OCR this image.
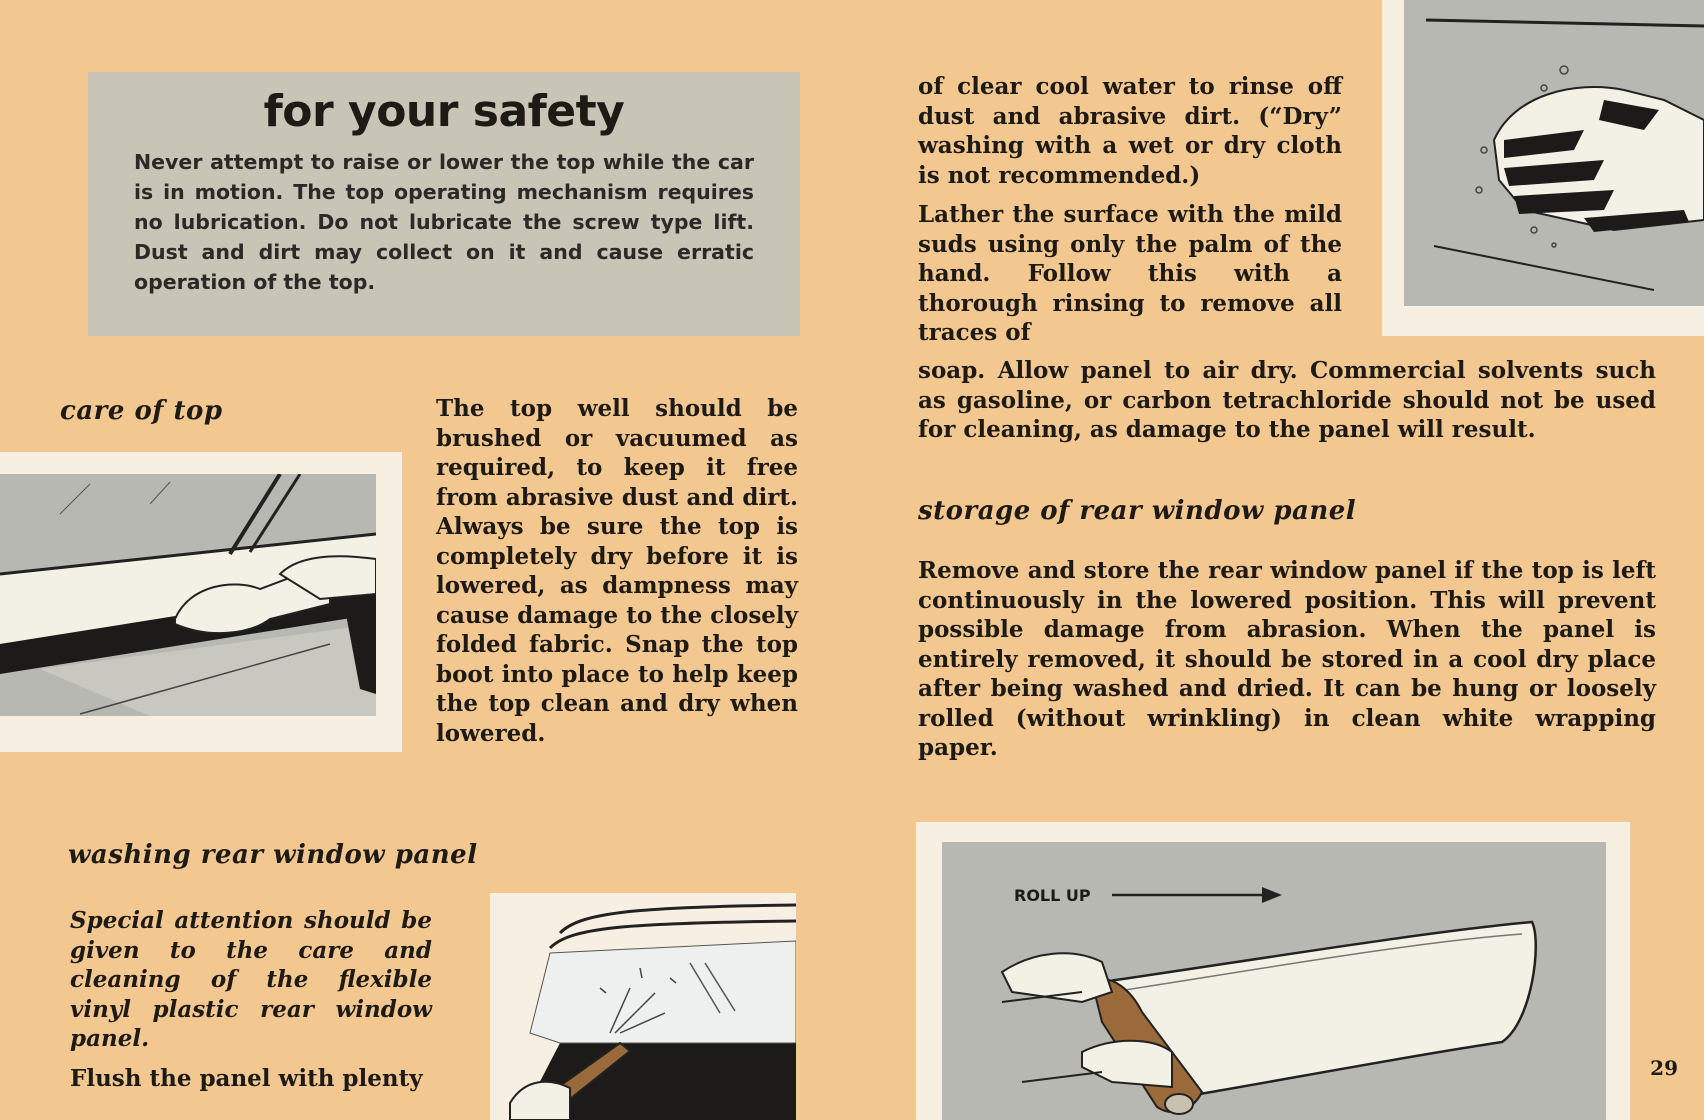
for your safety

Never attempt to raise or lower the top while the car is in motion. The top operating mechanism requires no lubrication. Do not lubricate the screw type lift. Dust and dirt may collect on it and cause erratic operation of the top.

care of top	The top well should be brushed or vacuumed as required, to keep it free from abrasive dust and dirt. Always be sure the top is completely dry before it is lowered, as dampness may cause damage to the closely folded fabric. Snap the top boot into place to help keep the top clean and dry when lowered.

washing rear window panel

Special attention should be given to the care and cleaning of the flexible vinyl plastic rear window panel.

Flush the panel with plenty

of clear cool water to rinse off dust and abrasive dirt. (“Dry” washing with a wet or dry cloth is not recommended.)

Lather the surface with the mild suds using only the palm of the hand. Follow this with a thorough rinsing to remove all traces of

soap. Allow panel to air dry. Commercial solvents such as gasoline, or carbon tetrachloride should not be used for cleaning, as damage to the panel will result.

storage of rear window panel

Remove and store the rear window panel if the top is left continuously in the lowered position. This will prevent possible damage from abrasion. When the panel is entirely removed, it should be stored in a cool dry place after being washed and dried. It can be hung or loosely rolled (without wrinkling) in clean white wrapping paper.

ROLL UP
29
